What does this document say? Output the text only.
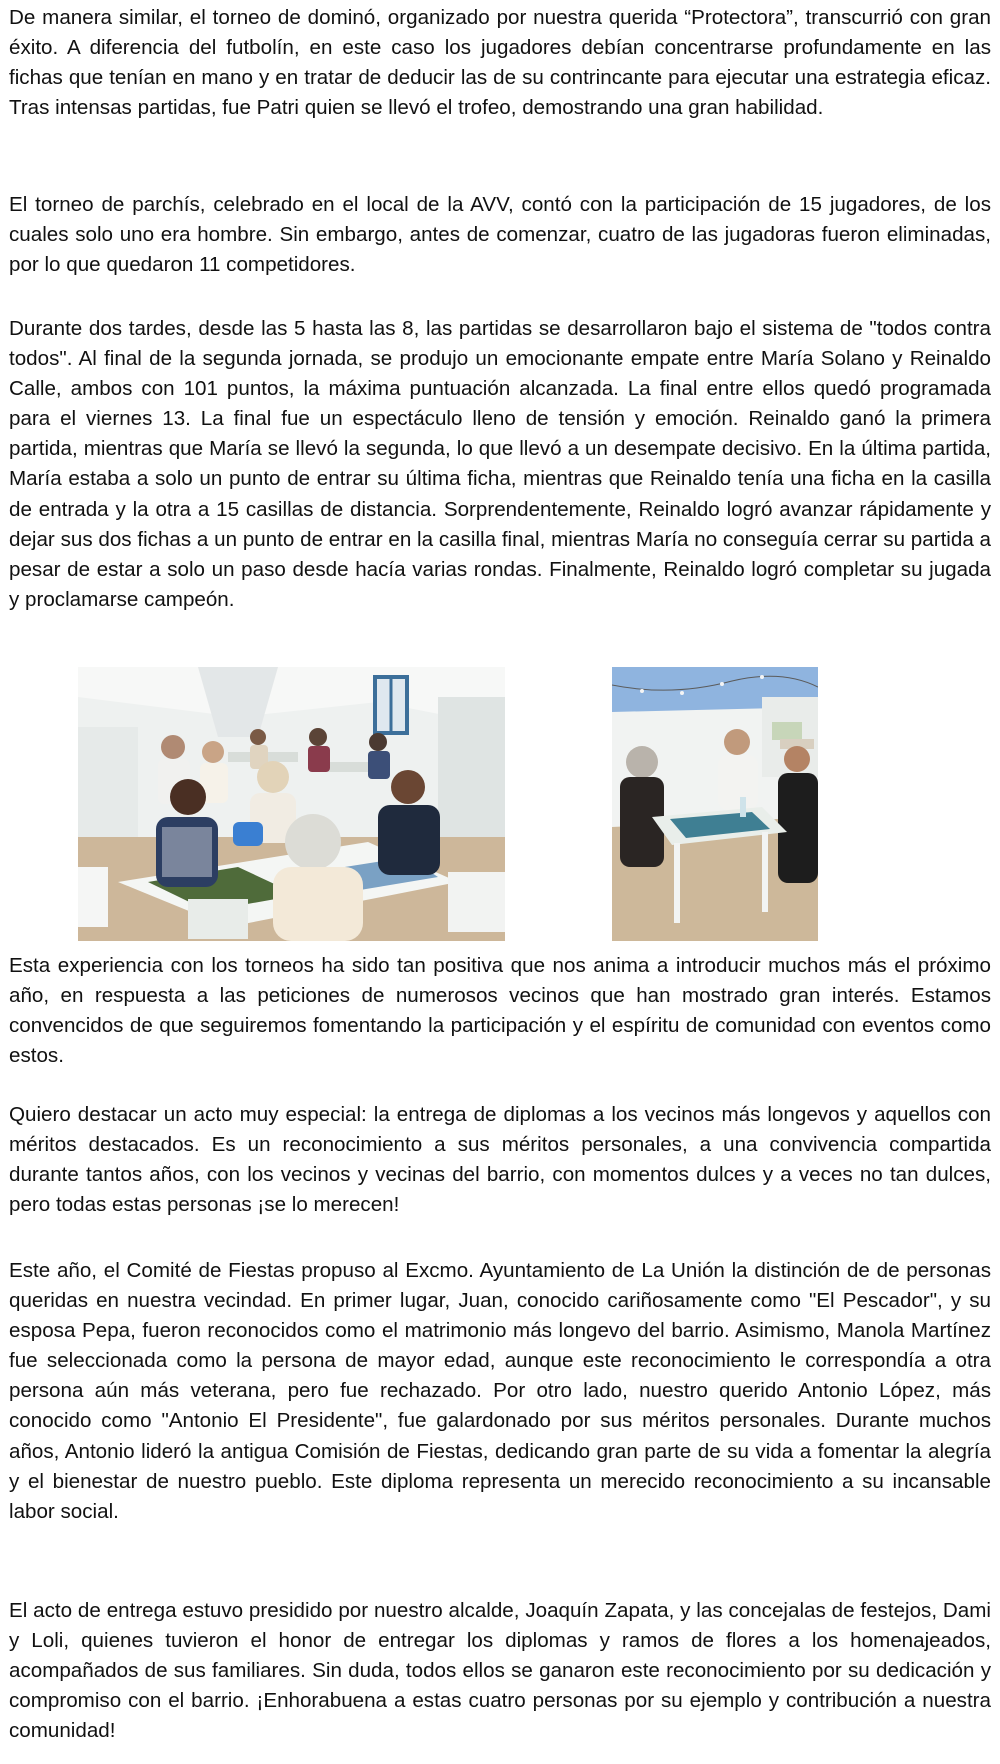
De manera similar, el torneo de dominó, organizado por nuestra querida “Protectora”, transcurrió con gran éxito. A diferencia del futbolín, en este caso los jugadores debían concentrarse profundamente en las fichas que tenían en mano y en tratar de deducir las de su contrincante para ejecutar una estrategia eficaz. Tras intensas partidas, fue Patri quien se llevó el trofeo, demostrando una gran habilidad.

El torneo de parchís, celebrado en el local de la AVV, contó con la participación de 15 jugadores, de los cuales solo uno era hombre. Sin embargo, antes de comenzar, cuatro de las jugadoras fueron eliminadas, por lo que quedaron 11 competidores.

Durante dos tardes, desde las 5 hasta las 8, las partidas se desarrollaron bajo el sistema de "todos contra todos". Al final de la segunda jornada, se produjo un emocionante empate entre María Solano y Reinaldo Calle, ambos con 101 puntos, la máxima puntuación alcanzada. La final entre ellos quedó programada para el viernes 13. La final fue un espectáculo lleno de tensión y emoción. Reinaldo ganó la primera partida, mientras que María se llevó la segunda, lo que llevó a un desempate decisivo. En la última partida, María estaba a solo un punto de entrar su última ficha, mientras que Reinaldo tenía una ficha en la casilla de entrada y la otra a 15 casillas de distancia. Sorprendentemente, Reinaldo logró avanzar rápidamente y dejar sus dos fichas a un punto de entrar en la casilla final, mientras María no conseguía cerrar su partida a pesar de estar a solo un paso desde hacía varias rondas. Finalmente, Reinaldo logró completar su jugada y proclamarse campeón.

Esta experiencia con los torneos ha sido tan positiva que nos anima a introducir muchos más el próximo año, en respuesta a las peticiones de numerosos vecinos que han mostrado gran interés. Estamos convencidos de que seguiremos fomentando la participación y el espíritu de comunidad con eventos como estos.

Quiero destacar un acto muy especial: la entrega de diplomas a los vecinos más longevos y aquellos con méritos destacados. Es un reconocimiento a sus méritos personales, a una convivencia compartida durante tantos años, con los vecinos y vecinas del barrio, con momentos dulces y a veces no tan dulces, pero todas estas personas ¡se lo merecen!

Este año, el Comité de Fiestas propuso al Excmo. Ayuntamiento de La Unión la distinción de de personas queridas en nuestra vecindad. En primer lugar, Juan, conocido cariñosamente como "El Pescador", y su esposa Pepa, fueron reconocidos como el matrimonio más longevo del barrio. Asimismo, Manola Martínez fue seleccionada como la persona de mayor edad, aunque este reconocimiento le correspondía a otra persona aún más veterana, pero fue rechazado. Por otro lado, nuestro querido Antonio López, más conocido como "Antonio El Presidente", fue galardonado por sus méritos personales. Durante muchos años, Antonio lideró la antigua Comisión de Fiestas, dedicando gran parte de su vida a fomentar la alegría y el bienestar de nuestro pueblo. Este diploma representa un merecido reconocimiento a su incansable labor social.

El acto de entrega estuvo presidido por nuestro alcalde, Joaquín Zapata, y las concejalas de festejos, Dami y Loli, quienes tuvieron el honor de entregar los diplomas y ramos de flores a los homenajeados, acompañados de sus familiares. Sin duda, todos ellos se ganaron este reconocimiento por su dedicación y compromiso con el barrio. ¡Enhorabuena a estas cuatro personas por su ejemplo y contribución a nuestra comunidad!
